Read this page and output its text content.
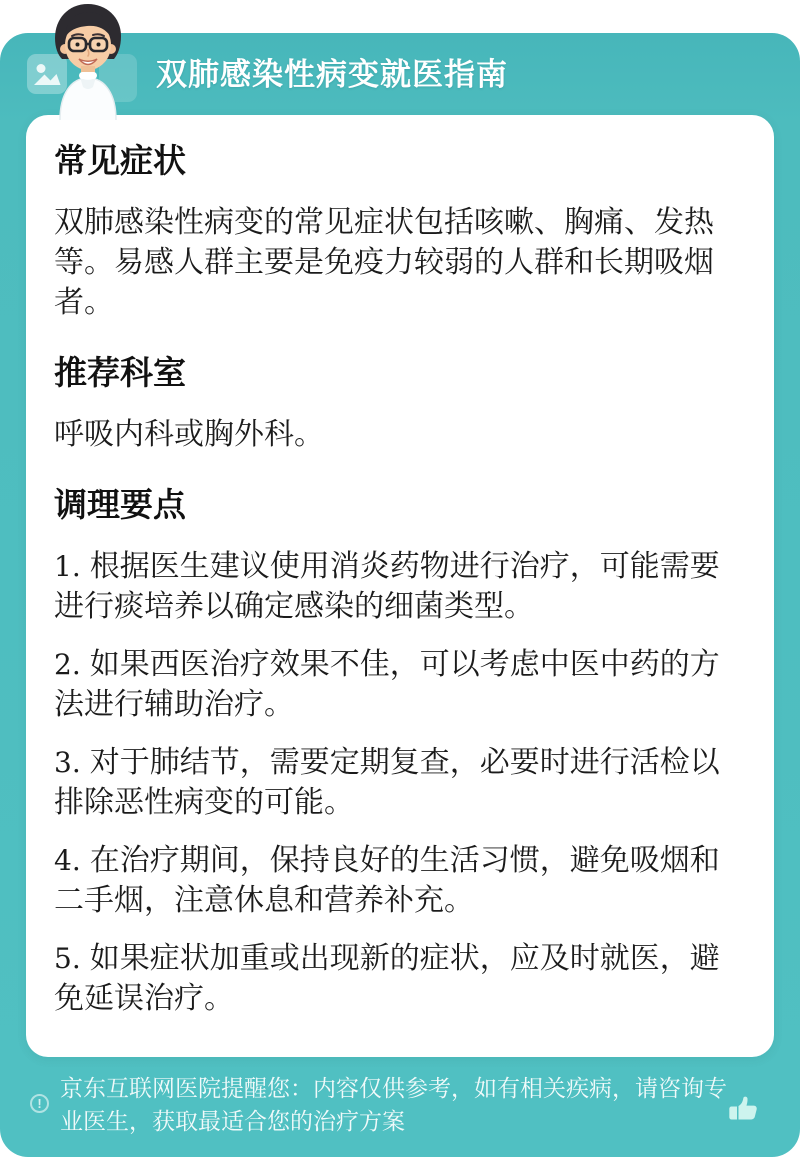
双肺感染性病变就医指南
常见症状

双肺感染性病变的常见症状包括咳嗽、胸痛、发热等。易感人群主要是免疫力较弱的人群和长期吸烟者。

推荐科室

呼吸内科或胸外科。

调理要点
1. 根据医生建议使用消炎药物进行治疗，可能需要进行痰培养以确定感染的细菌类型。
2. 如果西医治疗效果不佳，可以考虑中医中药的方法进行辅助治疗。
3. 对于肺结节，需要定期复查，必要时进行活检以排除恶性病变的可能。
4. 在治疗期间，保持良好的生活习惯，避免吸烟和二手烟，注意休息和营养补充。
5. 如果症状加重或出现新的症状，应及时就医，避免延误治疗。
!

京东互联网医院提醒您：内容仅供参考，如有相关疾病，请咨询专业医生，获取最适合您的治疗方案
